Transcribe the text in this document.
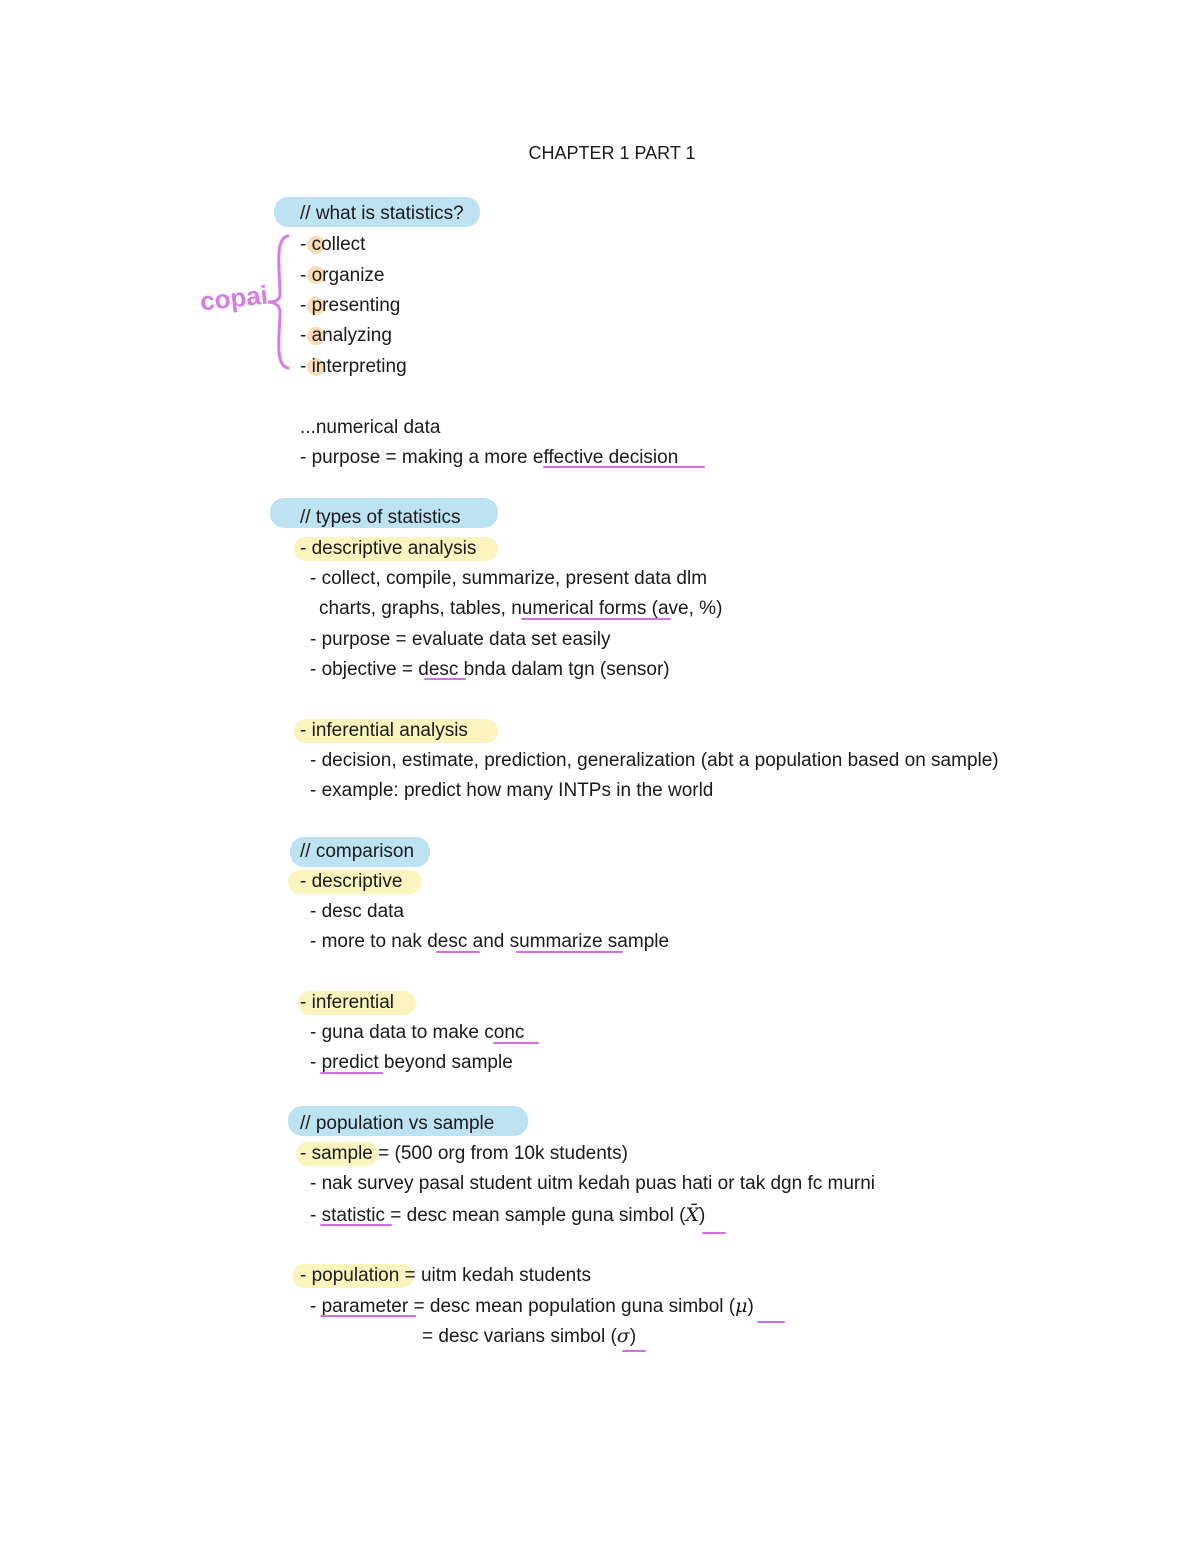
CHAPTER 1 PART 1
// what is statistics?
copai
- collect
- organize
- presenting
- analyzing
- interpreting
...numerical data
- purpose = making a more effective decision
// types of statistics
- descriptive analysis
- collect, compile, summarize, present data dlm
charts, graphs, tables, numerical forms (ave, %)
- purpose = evaluate data set easily
- objective = desc bnda dalam tgn (sensor)
- inferential analysis
- decision, estimate, prediction, generalization (abt a population based on sample)
- example: predict how many INTPs in the world
// comparison
- descriptive
- desc data
- more to nak desc and summarize sample
- inferential
- guna data to make conc
- predict beyond sample
// population vs sample
- sample = (500 org from 10k students)
- nak survey pasal student uitm kedah puas hati or tak dgn fc murni
- statistic = desc mean sample guna simbol (X̄)
- population = uitm kedah students
- parameter = desc mean population guna simbol (μ)
= desc varians simbol (σ)
